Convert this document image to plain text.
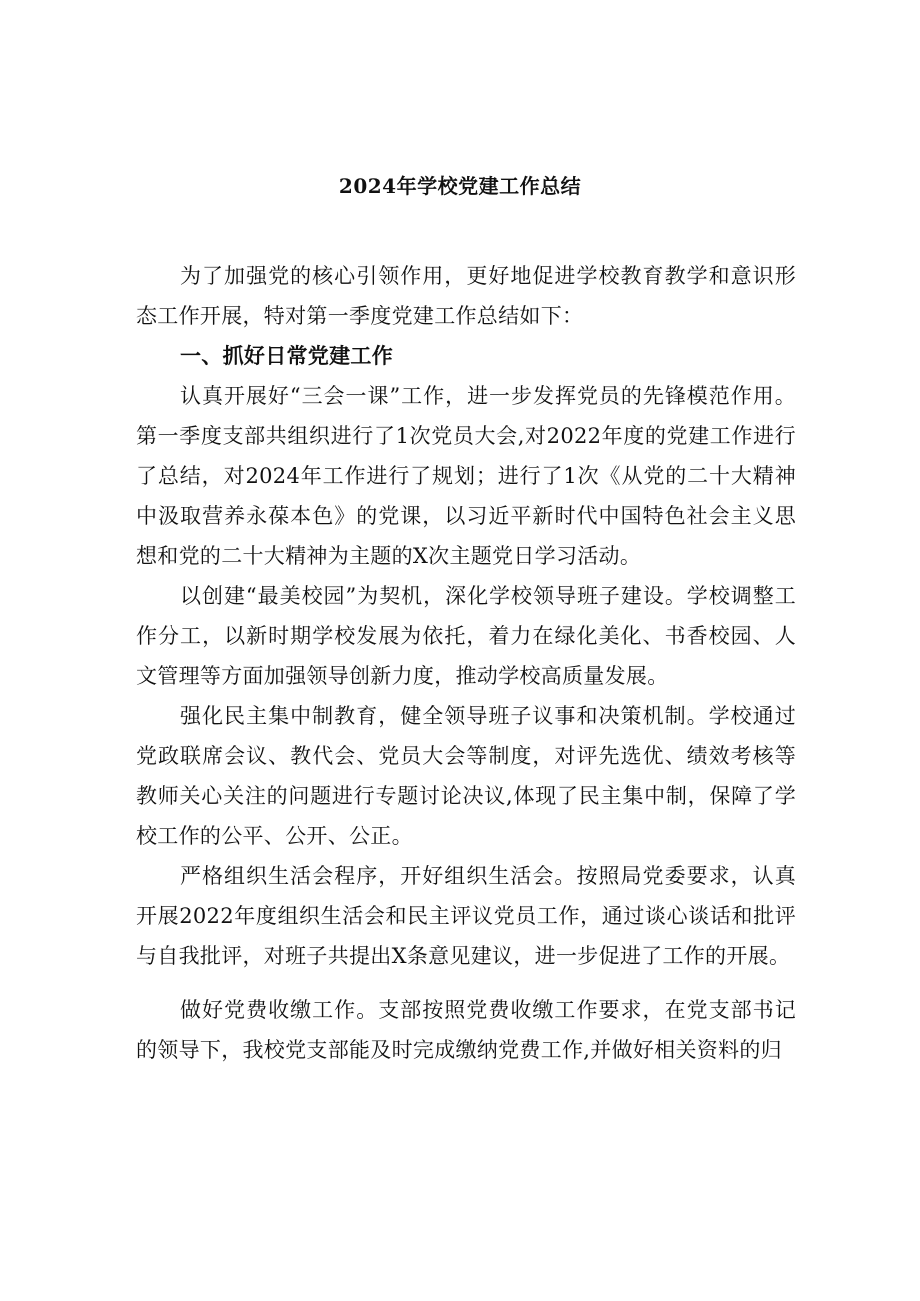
2024年学校党建工作总结

为了加强党的核心引领作用，更好地促进学校教育教学和意识形态工作开展，特对第一季度党建工作总结如下：

一、抓好日常党建工作

认真开展好“三会一课”工作，进一步发挥党员的先锋模范作用。第一季度支部共组织进行了1次党员大会,对2022年度的党建工作进行了总结，对2024年工作进行了规划；进行了1次《从党的二十大精神中汲取营养永葆本色》的党课，以习近平新时代中国特色社会主义思想和党的二十大精神为主题的X次主题党日学习活动。

以创建“最美校园”为契机，深化学校领导班子建设。学校调整工作分工，以新时期学校发展为依托，着力在绿化美化、书香校园、人文管理等方面加强领导创新力度，推动学校高质量发展。

强化民主集中制教育，健全领导班子议事和决策机制。学校通过党政联席会议、教代会、党员大会等制度，对评先选优、绩效考核等教师关心关注的问题进行专题讨论决议,体现了民主集中制，保障了学校工作的公平、公开、公正。

严格组织生活会程序，开好组织生活会。按照局党委要求，认真开展2022年度组织生活会和民主评议党员工作，通过谈心谈话和批评与自我批评，对班子共提出X条意见建议，进一步促进了工作的开展。

做好党费收缴工作。支部按照党费收缴工作要求，在党支部书记的领导下，我校党支部能及时完成缴纳党费工作,并做好相关资料的归
